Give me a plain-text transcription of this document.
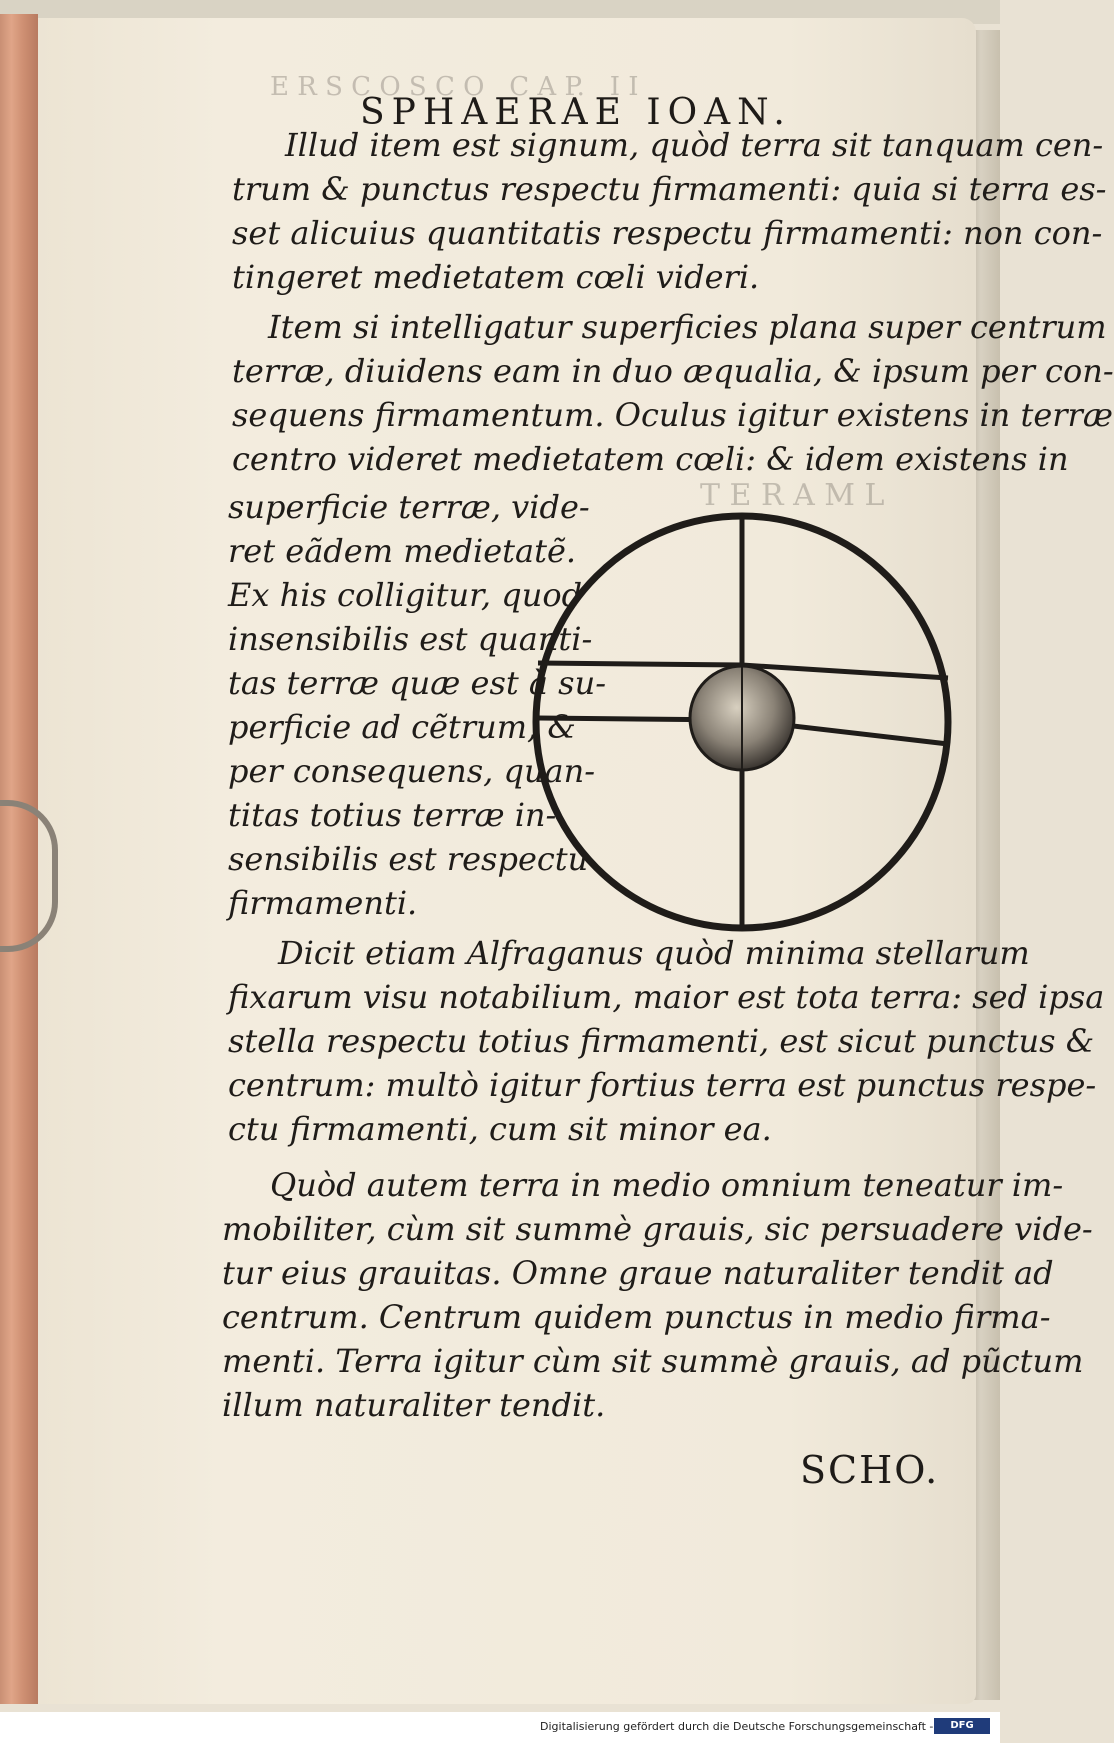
E R S C O S C O   C A P.   I I
T E R A M L
SPHAERAE IOAN.
Illud item est signum, quòd terra sit tanquam cen-
trum & punctus respectu firmamenti: quia si terra es-
set alicuius quantitatis respectu firmamenti: non con-
tingeret medietatem cœli videri.
Item si intelligatur superficies plana super centrum
terræ, diuidens eam in duo æqualia, & ipsum per con-
sequens firmamentum. Oculus igitur existens in terræ
centro videret medietatem cœli: & idem existens in
superficie terræ, vide-
ret eãdem medietatẽ.
Ex his colligitur, quod
insensibilis est quanti-
tas terræ quæ est à su-
perficie ad cẽtrum, &
per consequens, quan-
titas totius terræ in-
sensibilis est respectu
firmamenti.
Dicit etiam Alfraganus quòd minima stellarum
fixarum visu notabilium, maior est tota terra: sed ipsa
stella respectu totius firmamenti, est sicut punctus &
centrum: multò igitur fortius terra est punctus respe-
ctu firmamenti, cum sit minor ea.
Quòd autem terra in medio omnium teneatur im-
mobiliter, cùm sit summè grauis, sic persuadere vide-
tur eius grauitas. Omne graue naturaliter tendit ad
centrum. Centrum quidem punctus in medio firma-
menti. Terra igitur cùm sit summè grauis, ad pũctum
illum naturaliter tendit.
SCHO.
Digitalisierung gefördert durch die Deutsche Forschungsgemeinschaft -	DFG
